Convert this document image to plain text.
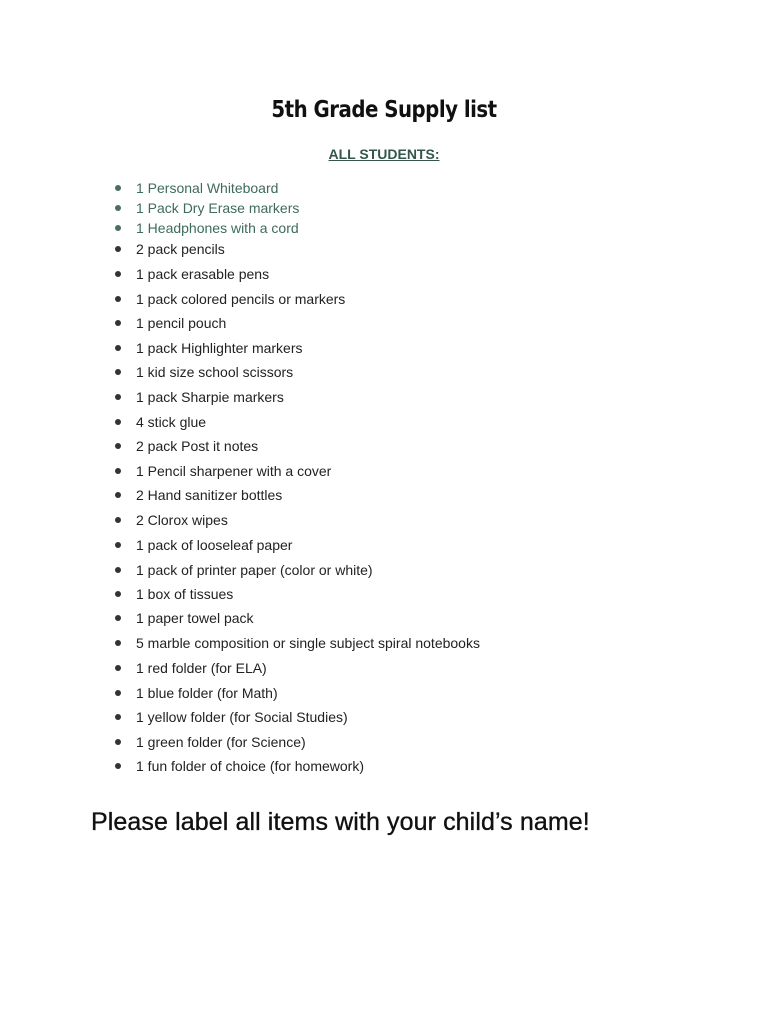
5th Grade Supply list
ALL STUDENTS:
1 Personal Whiteboard
1 Pack Dry Erase markers
1 Headphones with a cord
2 pack pencils
1 pack erasable pens
1 pack colored pencils or markers
1 pencil pouch
1 pack Highlighter markers
1 kid size school scissors
1 pack Sharpie markers
4 stick glue
2 pack Post it notes
1 Pencil sharpener with a cover
2 Hand sanitizer bottles
2 Clorox wipes
1 pack of looseleaf paper
1 pack of printer paper (color or white)
1 box of tissues
1 paper towel pack
5 marble composition or single subject spiral notebooks
1 red folder (for ELA)
1 blue folder (for Math)
1 yellow folder (for Social Studies)
1 green folder (for Science)
1 fun folder of choice (for homework)
Please label all items with your child’s name!
